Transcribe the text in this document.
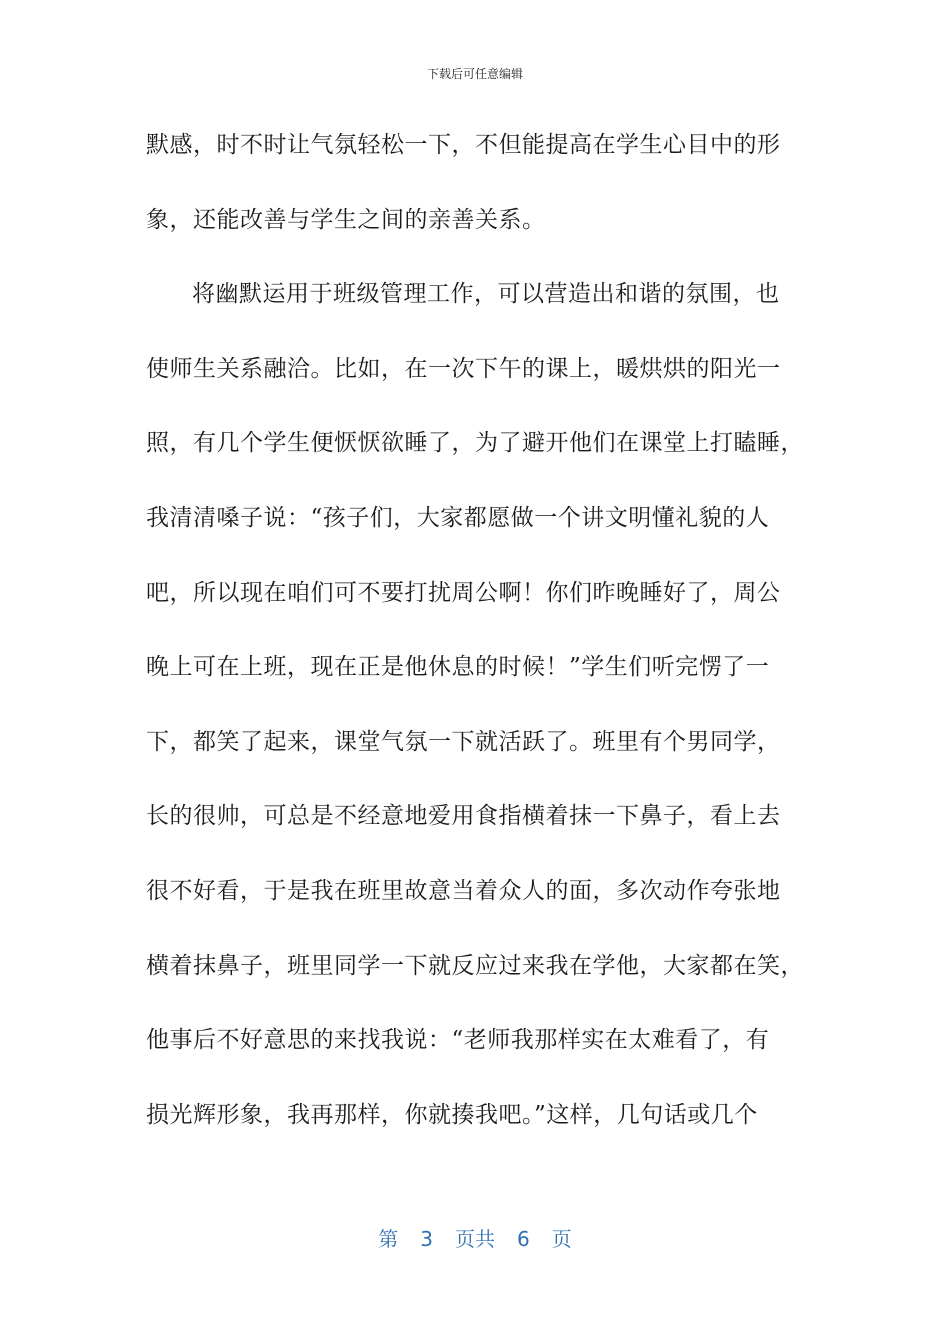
下载后可任意编辑
默感，时不时让气氛轻松一下，不但能提高在学生心目中的形
象，还能改善与学生之间的亲善关系。
将幽默运用于班级管理工作，可以营造出和谐的氛围，也
使师生关系融洽。比如，在一次下午的课上，暖烘烘的阳光一
照，有几个学生便恹恹欲睡了，为了避开他们在课堂上打瞌睡，
我清清嗓子说：“孩子们，大家都愿做一个讲文明懂礼貌的人
吧，所以现在咱们可不要打扰周公啊！你们昨晚睡好了，周公
晚上可在上班，现在正是他休息的时候！”学生们听完愣了一
下，都笑了起来，课堂气氛一下就活跃了。班里有个男同学，
长的很帅，可总是不经意地爱用食指横着抹一下鼻子，看上去
很不好看，于是我在班里故意当着众人的面，多次动作夸张地
横着抹鼻子，班里同学一下就反应过来我在学他，大家都在笑，
他事后不好意思的来找我说：“老师我那样实在太难看了，有
损光辉形象，我再那样，你就揍我吧。”这样，几句话或几个
第 3 页共 6 页
